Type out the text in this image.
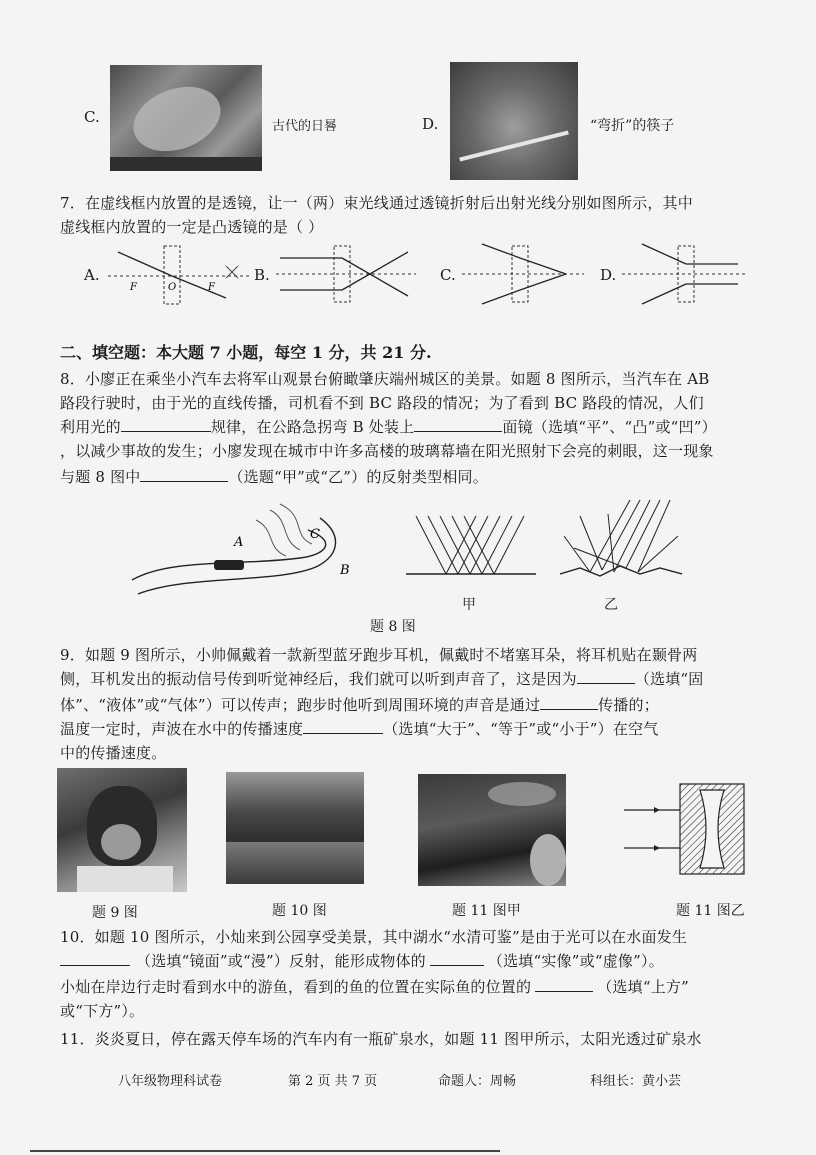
C.
古代的日晷	D.	“弯折”的筷子
7．在虚线框内放置的是透镜，让一（两）束光线通过透镜折射后出射光线分别如图所示，其中
虚线框内放置的一定是凸透镜的是（ ）
A.
F	O	F
B.	C.	D.
二、填空题：本大题 7 小题，每空 1 分，共 21 分.
8．小廖正在乘坐小汽车去将军山观景台俯瞰肇庆端州城区的美景。如题 8 图所示，当汽车在 AB
路段行驶时，由于光的直线传播，司机看不到 BC 路段的情况；为了看到 BC 路段的情况，人们
利用光的	规律，在公路急拐弯 B 处装上	面镜（选填“平”、“凸”或“凹”）
，以减少事故的发生；小廖发现在城市中许多高楼的玻璃幕墙在阳光照射下会亮的刺眼，这一现象
与题 8 图中	（选题“甲”或“乙”）的反射类型相同。
A
B
C
甲	乙
题 8 图
9．如题 9 图所示，小帅佩戴着一款新型蓝牙跑步耳机，佩戴时不堵塞耳朵，将耳机贴在颞骨两
侧，耳机发出的振动信号传到听觉神经后，我们就可以听到声音了，这是因为	（选填“固
体”、“液体”或“气体”）可以传声；跑步时他听到周围环境的声音是通过	传播的；
温度一定时，声波在水中的传播速度	（选填“大于”、“等于”或“小于”）在空气
中的传播速度。
题 9 图	题 10 图	题 11 图甲	题 11 图乙
10．如题 10 图所示，小灿来到公园享受美景，其中湖水“水清可鉴”是由于光可以在水面发生
（选填“镜面”或“漫”）反射，能形成物体的	（选填“实像”或“虚像”）。
小灿在岸边行走时看到水中的游鱼，看到的鱼的位置在实际鱼的位置的	（选填“上方”
或“下方”）。
11．炎炎夏日，停在露天停车场的汽车内有一瓶矿泉水，如题 11 图甲所示，太阳光透过矿泉水
八年级物理科试卷	第 2 页 共 7 页	命题人：周畅	科组长：黄小芸
